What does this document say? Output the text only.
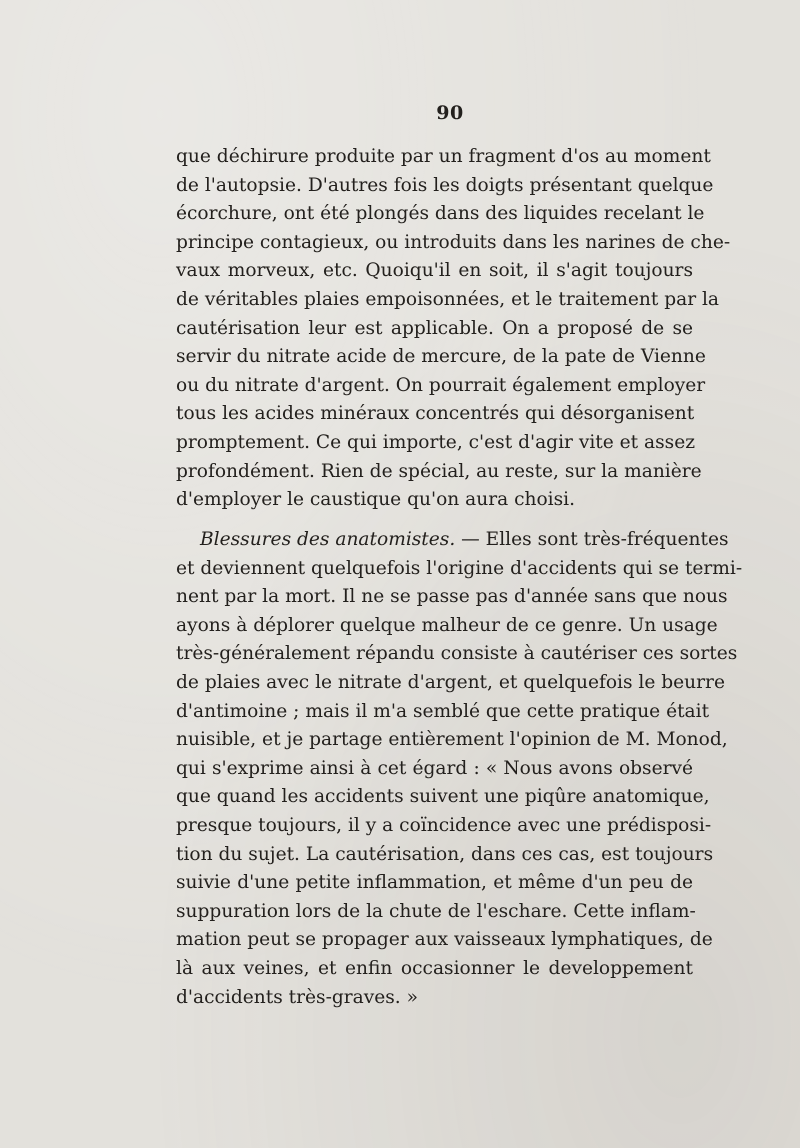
90
que déchirure produite par un fragment d'os au moment
de l'autopsie. D'autres fois les doigts présentant quelque
écorchure, ont été plongés dans des liquides recelant le
principe contagieux, ou introduits dans les narines de che-
vaux morveux, etc. Quoiqu'il en soit, il s'agit toujours
de véritables plaies empoisonnées, et le traitement par la
cautérisation leur est applicable. On a proposé de se
servir du nitrate acide de mercure, de la pate de Vienne
ou du nitrate d'argent. On pourrait également employer
tous les acides minéraux concentrés qui désorganisent
promptement. Ce qui importe, c'est d'agir vite et assez
profondément. Rien de spécial, au reste, sur la manière
d'employer le caustique qu'on aura choisi.
Blessures des anatomistes. — Elles sont très-fréquentes
et deviennent quelquefois l'origine d'accidents qui se termi-
nent par la mort. Il ne se passe pas d'année sans que nous
ayons à déplorer quelque malheur de ce genre. Un usage
très-généralement répandu consiste à cautériser ces sortes
de plaies avec le nitrate d'argent, et quelquefois le beurre
d'antimoine ; mais il m'a semblé que cette pratique était
nuisible, et je partage entièrement l'opinion de M. Monod,
qui s'exprime ainsi à cet égard : « Nous avons observé
que quand les accidents suivent une piqûre anatomique,
presque toujours, il y a coïncidence avec une prédisposi-
tion du sujet. La cautérisation, dans ces cas, est toujours
suivie d'une petite inflammation, et même d'un peu de
suppuration lors de la chute de l'eschare. Cette inflam-
mation peut se propager aux vaisseaux lymphatiques, de
là aux veines, et enfin occasionner le developpement
d'accidents très-graves. »
